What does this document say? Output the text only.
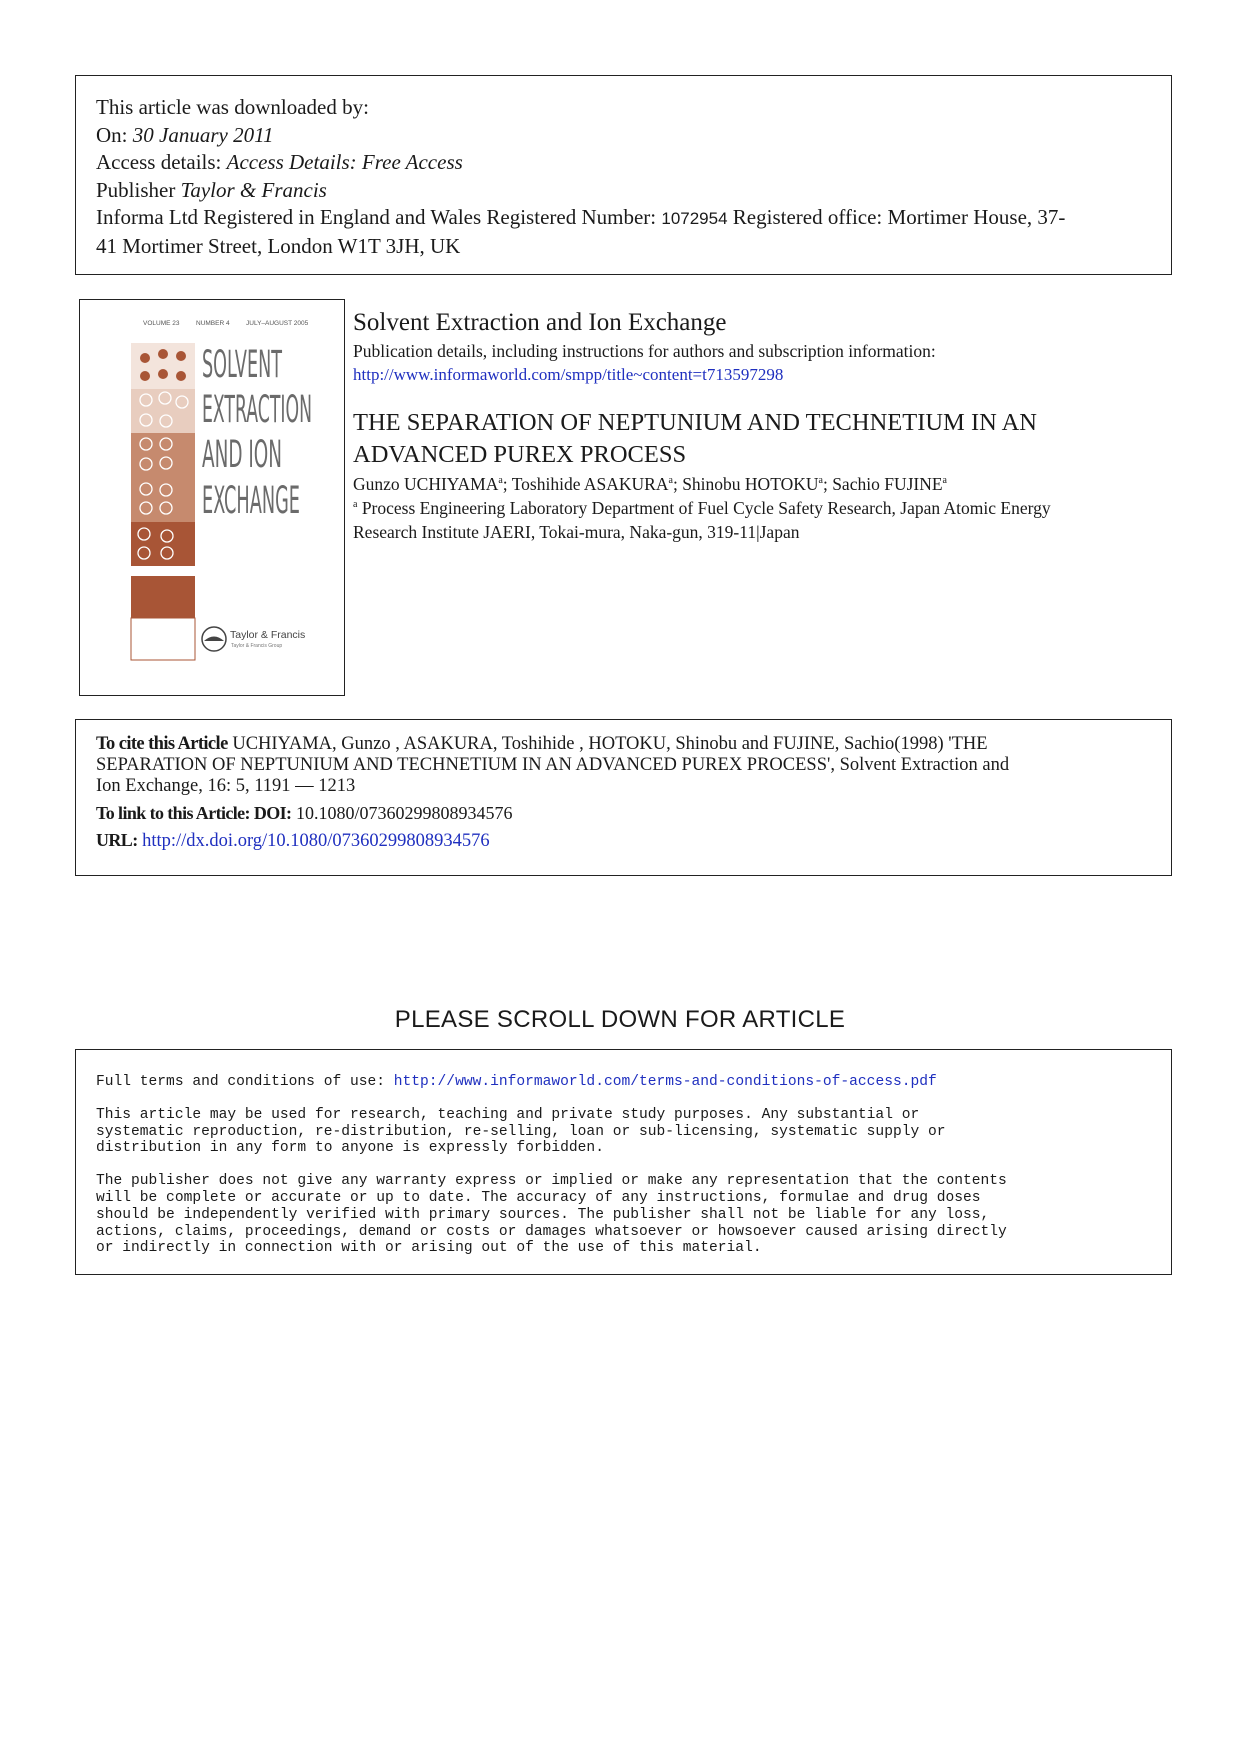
This article was downloaded by:
On: 30 January 2011
Access details: Access Details: Free Access
Publisher Taylor & Francis
Informa Ltd Registered in England and Wales Registered Number: 1072954 Registered office: Mortimer House, 37-
41 Mortimer Street, London W1T 3JH, UK
VOLUME 23	NUMBER 4	JULY–AUGUST 2005
SOLVENT
EXTRACTION
AND ION
EXCHANGE
Taylor & Francis
Taylor & Francis Group
Solvent Extraction and Ion Exchange
Publication details, including instructions for authors and subscription information:
http://www.informaworld.com/smpp/title~content=t713597298
THE SEPARATION OF NEPTUNIUM AND TECHNETIUM IN AN
ADVANCED PUREX PROCESS
Gunzo UCHIYAMA$^a$; Toshihide ASAKURA$^a$; Shinobu HOTOKU$^a$; Sachio FUJINE$^a$
$^a$ Process Engineering Laboratory Department of Fuel Cycle Safety Research, Japan Atomic Energy
Research Institute JAERI, Tokai-mura, Naka-gun, 319-11|Japan
To cite this Article UCHIYAMA, Gunzo , ASAKURA, Toshihide , HOTOKU, Shinobu and FUJINE, Sachio(1998) 'THE
SEPARATION OF NEPTUNIUM AND TECHNETIUM IN AN ADVANCED PUREX PROCESS', Solvent Extraction and
Ion Exchange, 16: 5, 1191 — 1213
To link to this Article: DOI: 10.1080/07360299808934576
URL: http://dx.doi.org/10.1080/07360299808934576
PLEASE SCROLL DOWN FOR ARTICLE

Full terms and conditions of use: http://www.informaworld.com/terms-and-conditions-of-access.pdf

This article may be used for research, teaching and private study purposes. Any substantial or
systematic reproduction, re-distribution, re-selling, loan or sub-licensing, systematic supply or
distribution in any form to anyone is expressly forbidden.

The publisher does not give any warranty express or implied or make any representation that the contents
will be complete or accurate or up to date. The accuracy of any instructions, formulae and drug doses
should be independently verified with primary sources. The publisher shall not be liable for any loss,
actions, claims, proceedings, demand or costs or damages whatsoever or howsoever caused arising directly
or indirectly in connection with or arising out of the use of this material.
